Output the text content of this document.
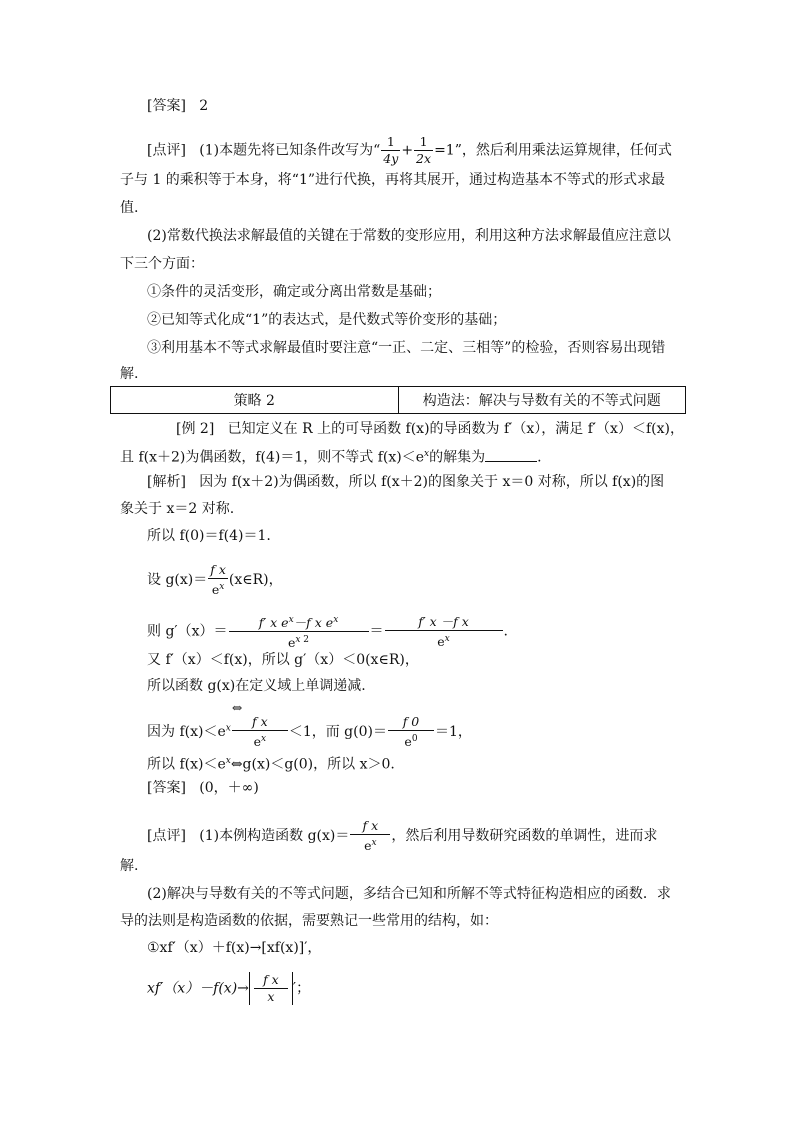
[答案] 2
[点评] (1)本题先将已知条件改写为“ $\frac{1}{4y} + \frac{1}{2x} =1$”，然后利用乘法运算规律，任何式
子与 1 的乘积等于本身，将“1”进行代换，再将其展开，通过构造基本不等式的形式求最
值.
(2)常数代换法求解最值的关键在于常数的变形应用，利用这种方法求解最值应注意以
下三个方面：
①条件的灵活变形，确定或分离出常数是基础；
②已知等式化成“1”的表达式，是代数式等价变形的基础；
③利用基本不等式求解最值时要注意“一正、二定、三相等”的检验，否则容易出现错
解.
策略 2	构造法：解决与导数有关的不等式问题
[例 2] 已知定义在 R 上的可导函数 f(x)的导函数为 f′（x），满足 f′（x）＜f(x)，
且 f(x＋2)为偶函数，f(4)＝1，则不等式 $f(x)<e^x$的解集为	.
[解析] 因为 f(x＋2)为偶函数，所以 f(x＋2)的图象关于 x＝0 对称，所以 f(x)的图
象关于 x＝2 对称.
所以 f(0)＝f(4)＝1.
设 $g(x)= \frac{\text{f x}}{e^x}$ (x∈R)，
则 $g'(x)= \frac{f' x e^x-f x e^x}{e^x ^2} = \frac{\text{f′ x －f x}}{e^x}$ .
又 f′（x）＜f(x)，所以 g′（x）＜0(x∈R)，
所以函数 g(x)在定义域上单调递减.
因为 $f(x)<e^x$ ⇔
f x
$e^x <1$，而 $g(0)= \frac{f 0}{e^0} =1$，
所以 $f(x)<e^x\Leftrightarrow g(x)<g(0)$，所以 x＞0.
[答案] (0，＋∞)
[点评] (1)本例构造函数 $g(x)= \frac{\text{f x}}{e^x}$ ，然后利用导数研究函数的单调性，进而求
解.
(2)解决与导数有关的不等式问题，多结合已知和所解不等式特征构造相应的函数．求
导的法则是构造函数的依据，需要熟记一些常用的结构，如：
①xf′（x）＋f(x)→[xf(x)]′，
$xf'(x)-f(x)\to \frac{\text{f x}}{x}$ ′；
